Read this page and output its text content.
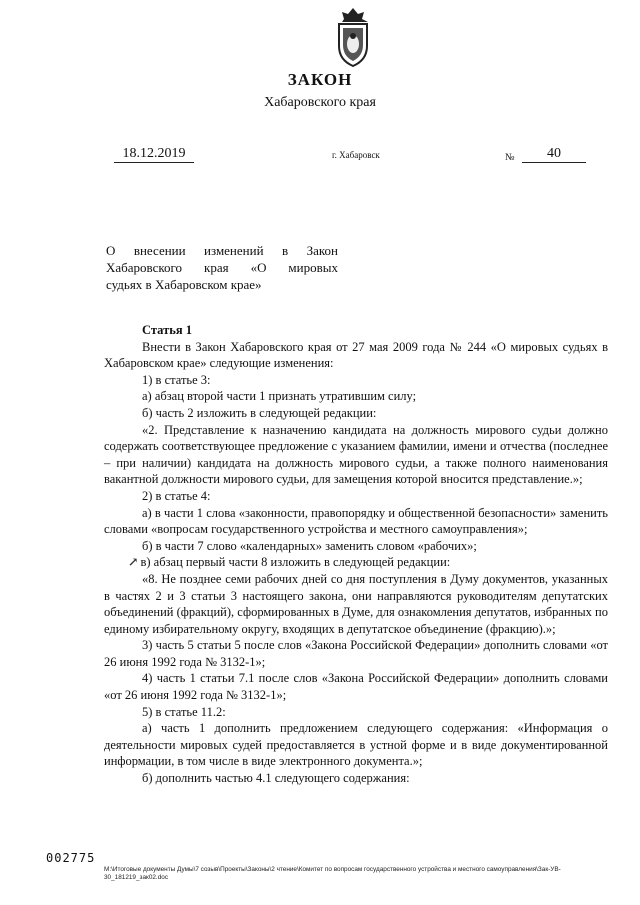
ЗАКОН
Хабаровского края
18.12.2019	г. Хабаровск	№	40
О внесении изменений в Закон
Хабаровского края «О мировых
судьях в Хабаровском крае»

Статья 1

Внести в Закон Хабаровского края от 27 мая 2009 года № 244 «О мировых судьях в Хабаровском крае» следующие изменения:

1) в статье 3:

а) абзац второй части 1 признать утратившим силу;

б) часть 2 изложить в следующей редакции:

«2. Представление к назначению кандидата на должность мирового судьи должно содержать соответствующее предложение с указанием фамилии, имени и отчества (последнее – при наличии) кандидата на должность мирового судьи, а также полного наименования вакантной должности мирового судьи, для замещения которой вносится представление.»;

2) в статье 4:

а) в части 1 слова «законности, правопорядку и общественной безопасности» заменить словами «вопросам государственного устройства и местного самоуправления»;

б) в части 7 слово «календарных» заменить словом «рабочих»;

↗ в) абзац первый части 8 изложить в следующей редакции:

«8. Не позднее семи рабочих дней со дня поступления в Думу документов, указанных в частях 2 и 3 статьи 3 настоящего закона, они направляются руководителям депутатских объединений (фракций), сформированных в Думе, для ознакомления депутатов, избранных по единому избирательному округу, входящих в депутатское объединение (фракцию).»;

3) часть 5 статьи 5 после слов «Закона Российской Федерации» дополнить словами «от 26 июня 1992 года № 3132-1»;

4) часть 1 статьи 7.1 после слов «Закона Российской Федерации» дополнить словами «от 26 июня 1992 года № 3132-1»;

5) в статье 11.2:

а) часть 1 дополнить предложением следующего содержания: «Информация о деятельности мировых судей предоставляется в устной форме и в виде документированной информации, в том числе в виде электронного документа.»;

б) дополнить частью 4.1 следующего содержания:

002775
М:\Итоговые документы Думы\7 созыв\Проекты\Законы\2 чтение\Комитет по вопросам государственного устройства и местного самоуправления\Зак-УВ-
30_181219_зак02.doc
